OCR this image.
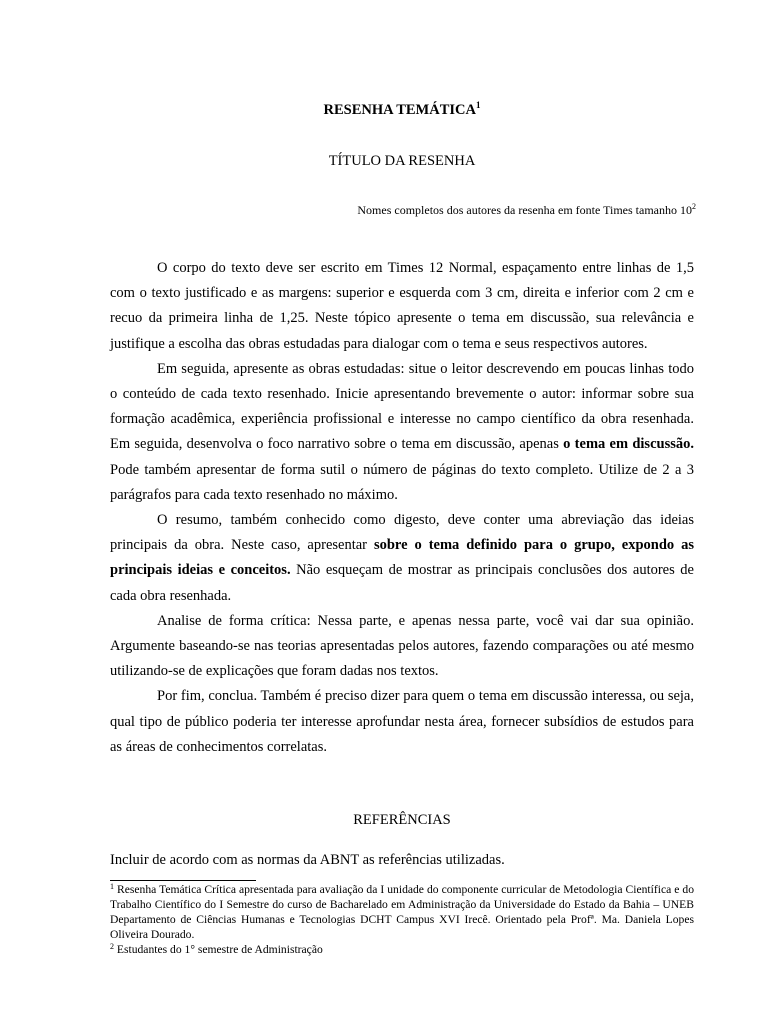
RESENHA TEMÁTICA$^1$
TÍTULO DA RESENHA
Nomes completos dos autores da resenha em fonte Times tamanho $10^2$

O corpo do texto deve ser escrito em Times 12 Normal, espaçamento entre linhas de 1,5 com o texto justificado e as margens: superior e esquerda com 3 cm, direita e inferior com 2 cm e recuo da primeira linha de 1,25. Neste tópico apresente o tema em discussão, sua relevância e justifique a escolha das obras estudadas para dialogar com o tema e seus respectivos autores.

Em seguida, apresente as obras estudadas: situe o leitor descrevendo em poucas linhas todo o conteúdo de cada texto resenhado. Inicie apresentando brevemente o autor: informar sobre sua formação acadêmica, experiência profissional e interesse no campo científico da obra resenhada. Em seguida, desenvolva o foco narrativo sobre o tema em discussão, apenas o tema em discussão. Pode também apresentar de forma sutil o número de páginas do texto completo. Utilize de 2 a 3 parágrafos para cada texto resenhado no máximo.

O resumo, também conhecido como digesto, deve conter uma abreviação das ideias principais da obra. Neste caso, apresentar sobre o tema definido para o grupo, expondo as principais ideias e conceitos. Não esqueçam de mostrar as principais conclusões dos autores de cada obra resenhada.

Analise de forma crítica: Nessa parte, e apenas nessa parte, você vai dar sua opinião. Argumente baseando-se nas teorias apresentadas pelos autores, fazendo comparações ou até mesmo utilizando-se de explicações que foram dadas nos textos.

Por fim, conclua. Também é preciso dizer para quem o tema em discussão interessa, ou seja, qual tipo de público poderia ter interesse aprofundar nesta área, fornecer subsídios de estudos para as áreas de conhecimentos correlatas.

REFERÊNCIAS
Incluir de acordo com as normas da ABNT as referências utilizadas.

$^1$ Resenha Temática Crítica apresentada para avaliação da I unidade do componente curricular de Metodologia Científica e do Trabalho Científico do I Semestre do curso de Bacharelado em Administração da Universidade do Estado da Bahia – UNEB Departamento de Ciências Humanas e Tecnologias DCHT Campus XVI Irecê. Orientado pela Profª. Ma. Daniela Lopes Oliveira Dourado.

$^2$ Estudantes do 1° semestre de Administração
